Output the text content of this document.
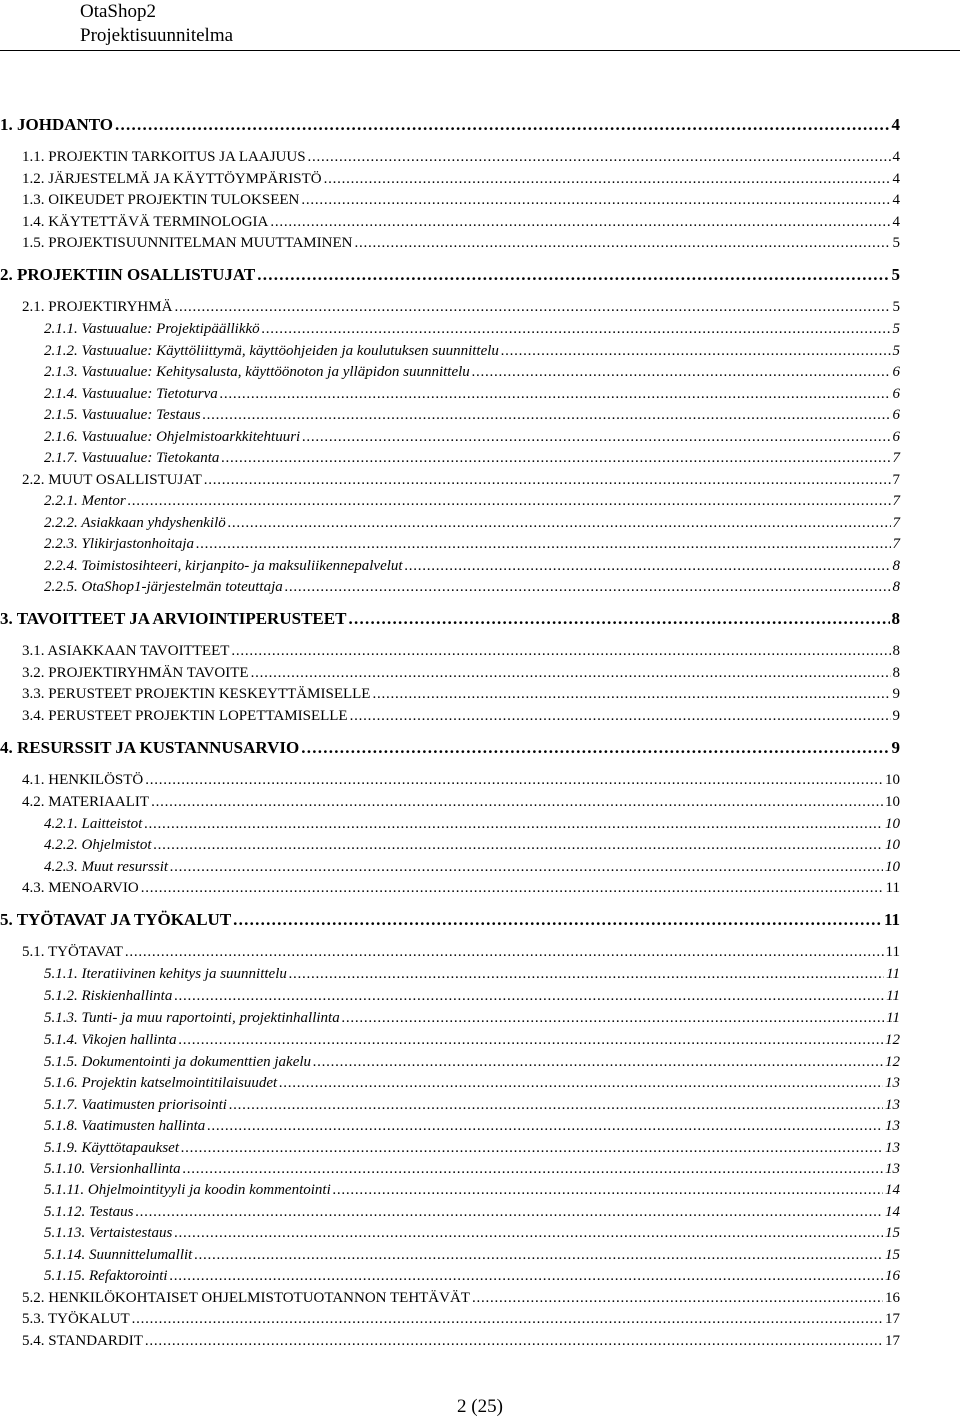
OtaShop2
Projektisuunnitelma
1. JOHDANTO . . .	4
1.1. PROJEKTIN TARKOITUS JA LAAJUUS . . .	4
1.2. JÄRJESTELMÄ JA KÄYTTÖYMPÄRISTÖ . . .	4
1.3. OIKEUDET PROJEKTIN TULOKSEEN . . .	4
1.4. KÄYTETTÄVÄ TERMINOLOGIA . . .	4
1.5. PROJEKTISUUNNITELMAN MUUTTAMINEN . . .	5
2. PROJEKTIIN OSALLISTUJAT . . .	5
2.1. PROJEKTIRYHMÄ . . .	5
2.1.1. Vastuualue: Projektipäällikkö . . .	5
2.1.2. Vastuualue: Käyttöliittymä, käyttöohjeiden ja koulutuksen suunnittelu . . .	5
2.1.3. Vastuualue: Kehitysalusta, käyttöönoton ja ylläpidon suunnittelu . . .	6
2.1.4. Vastuualue: Tietoturva . . .	6
2.1.5. Vastuualue: Testaus . . .	6
2.1.6. Vastuualue: Ohjelmistoarkkitehtuuri . . .	6
2.1.7. Vastuualue: Tietokanta . . .	7
2.2. MUUT OSALLISTUJAT . . .	7
2.2.1. Mentor . . .	7
2.2.2. Asiakkaan yhdyshenkilö . . .	7
2.2.3. Ylikirjastonhoitaja . . .	7
2.2.4. Toimistosihteeri, kirjanpito- ja maksuliikennepalvelut . . .	8
2.2.5. OtaShop1-järjestelmän toteuttaja . . .	8
3. TAVOITTEET JA ARVIOINTIPERUSTEET . . .	8
3.1. ASIAKKAAN TAVOITTEET . . .	8
3.2. PROJEKTIRYHMÄN TAVOITE . . .	8
3.3. PERUSTEET PROJEKTIN KESKEYTTÄMISELLE . . .	9
3.4. PERUSTEET PROJEKTIN LOPETTAMISELLE . . .	9
4. RESURSSIT JA KUSTANNUSARVIO . . .	9
4.1. HENKILÖSTÖ . . .	10
4.2. MATERIAALIT . . .	10
4.2.1. Laitteistot . . .	10
4.2.2. Ohjelmistot . . .	10
4.2.3. Muut resurssit . . .	10
4.3. MENOARVIO . . .	11
5. TYÖTAVAT JA TYÖKALUT . . .	11
5.1. TYÖTAVAT . . .	11
5.1.1. Iteratiivinen kehitys ja suunnittelu . . .	11
5.1.2. Riskienhallinta . . .	11
5.1.3. Tunti- ja muu raportointi, projektinhallinta . . .	11
5.1.4. Vikojen hallinta . . .	12
5.1.5. Dokumentointi ja dokumenttien jakelu . . .	12
5.1.6. Projektin katselmointitilaisuudet . . .	13
5.1.7. Vaatimusten priorisointi . . .	13
5.1.8. Vaatimusten hallinta . . .	13
5.1.9. Käyttötapaukset . . .	13
5.1.10. Versionhallinta . . .	13
5.1.11. Ohjelmointityyli ja koodin kommentointi . . .	14
5.1.12. Testaus . . .	14
5.1.13. Vertaistestaus . . .	15
5.1.14. Suunnittelumallit . . .	15
5.1.15. Refaktorointi . . .	16
5.2. HENKILÖKOHTAISET OHJELMISTOTUOTANNON TEHTÄVÄT . . .	16
5.3. TYÖKALUT . . .	17
5.4. STANDARDIT . . .	17
2 (25)
